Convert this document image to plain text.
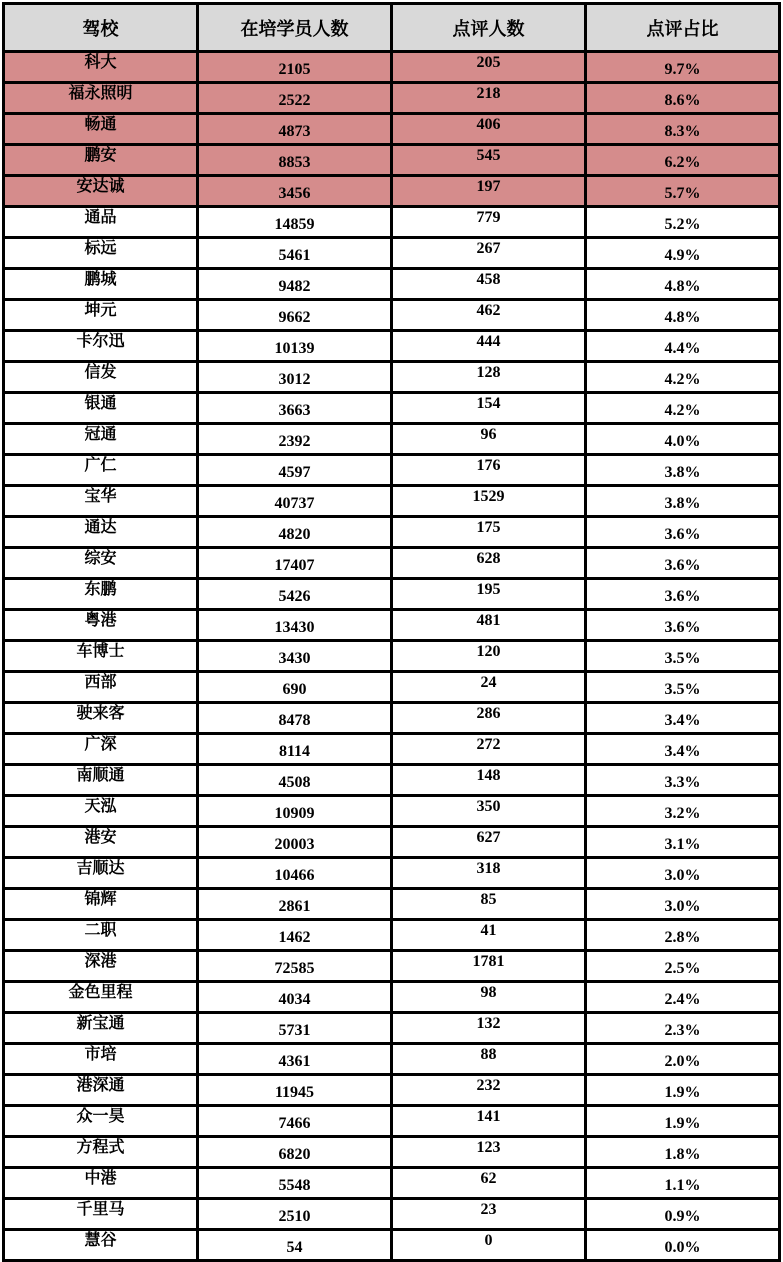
驾校	在培学员人数	点评人数	点评占比
科大	2105	205	9.7%
福永照明	2522	218	8.6%
畅通	4873	406	8.3%
鹏安	8853	545	6.2%
安达诚	3456	197	5.7%
通品	14859	779	5.2%
标远	5461	267	4.9%
鹏城	9482	458	4.8%
坤元	9662	462	4.8%
卡尔迅	10139	444	4.4%
信发	3012	128	4.2%
银通	3663	154	4.2%
冠通	2392	96	4.0%
广仁	4597	176	3.8%
宝华	40737	1529	3.8%
通达	4820	175	3.6%
综安	17407	628	3.6%
东鹏	5426	195	3.6%
粤港	13430	481	3.6%
车博士	3430	120	3.5%
西部	690	24	3.5%
驶来客	8478	286	3.4%
广深	8114	272	3.4%
南顺通	4508	148	3.3%
天泓	10909	350	3.2%
港安	20003	627	3.1%
吉顺达	10466	318	3.0%
锦辉	2861	85	3.0%
二职	1462	41	2.8%
深港	72585	1781	2.5%
金色里程	4034	98	2.4%
新宝通	5731	132	2.3%
市培	4361	88	2.0%
港深通	11945	232	1.9%
众一昊	7466	141	1.9%
方程式	6820	123	1.8%
中港	5548	62	1.1%
千里马	2510	23	0.9%
慧谷	54	0	0.0%
